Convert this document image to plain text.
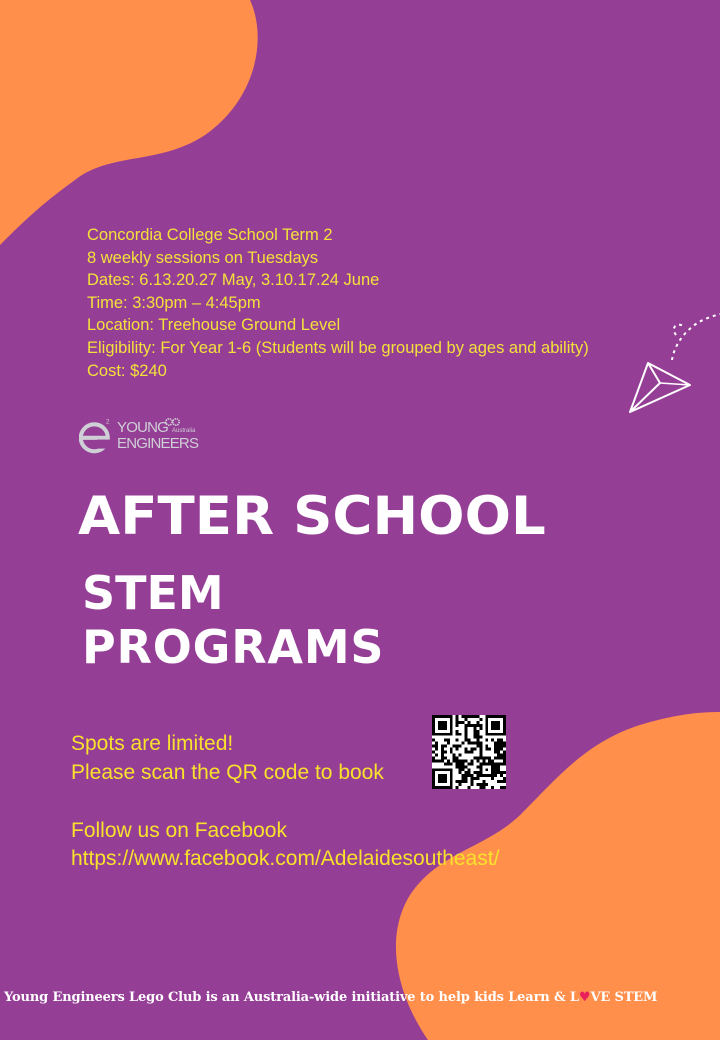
Concordia College School Term 2
8 weekly sessions on Tuesdays
Dates: 6.13.20.27 May, 3.10.17.24 June
Time: 3:30pm – 4:45pm
Location: Treehouse Ground Level
Eligibility: For Year 1-6 (Students will be grouped by ages and ability)
Cost: $240
2 YOUNG Australia
ENGINEERS
AFTER SCHOOL
STEM
PROGRAMS
Spots are limited!
Please scan the QR code to book
Follow us on Facebook
https://www.facebook.com/Adelaidesoutheast/
Young Engineers Lego Club is an Australia-wide initiative to help kids Learn & L♥VE STEM
